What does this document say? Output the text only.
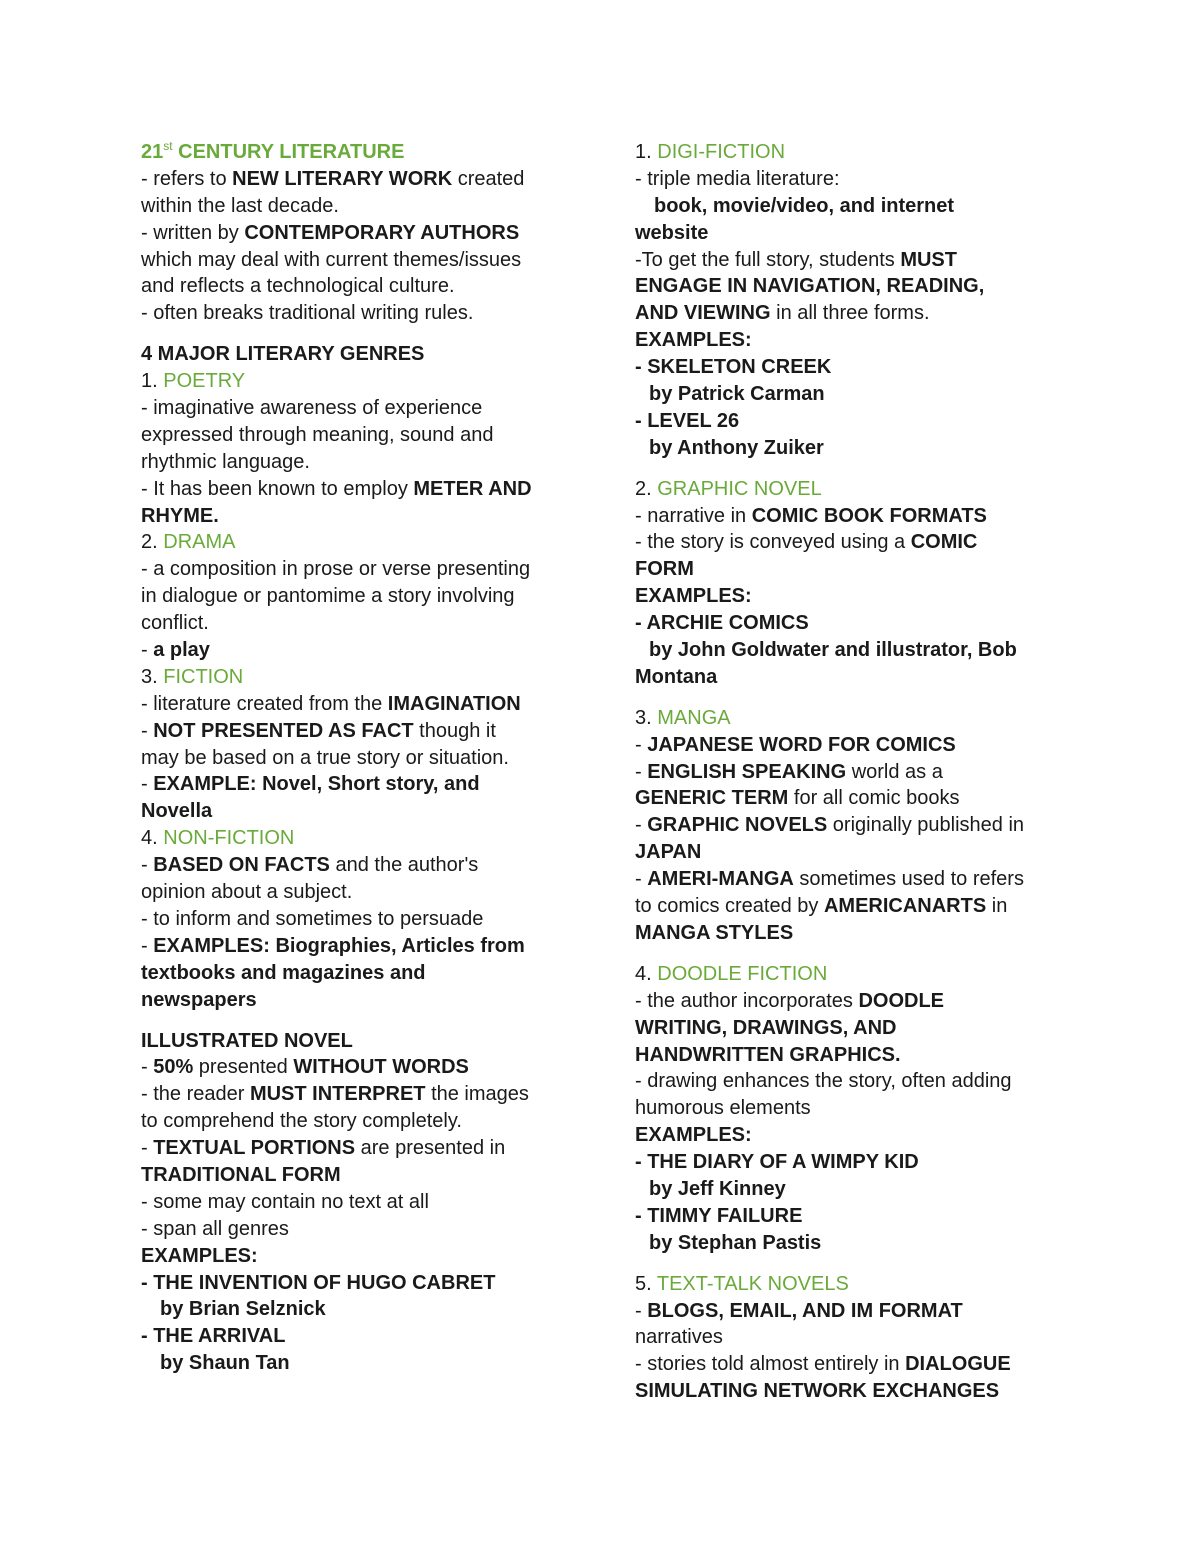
21st CENTURY LITERATURE
- refers to NEW LITERARY WORK created
within the last decade.
- written by CONTEMPORARY AUTHORS
which may deal with current themes/issues
and reflects a technological culture.
- often breaks traditional writing rules.
4 MAJOR LITERARY GENRES
1. POETRY
- imaginative awareness of experience
expressed through meaning, sound and
rhythmic language.
- It has been known to employ METER AND
RHYME.
2. DRAMA
- a composition in prose or verse presenting
in dialogue or pantomime a story involving
conflict.
- a play
3. FICTION
- literature created from the IMAGINATION
- NOT PRESENTED AS FACT though it
may be based on a true story or situation.
- EXAMPLE: Novel, Short story, and
Novella
4. NON-FICTION
- BASED ON FACTS and the author's
opinion about a subject.
- to inform and sometimes to persuade
- EXAMPLES: Biographies, Articles from
textbooks and magazines and
newspapers
ILLUSTRATED NOVEL
- 50% presented WITHOUT WORDS
- the reader MUST INTERPRET the images
to comprehend the story completely.
- TEXTUAL PORTIONS are presented in
TRADITIONAL FORM
- some may contain no text at all
- span all genres
EXAMPLES:
- THE INVENTION OF HUGO CABRET
by Brian Selznick
- THE ARRIVAL
by Shaun Tan
1. DIGI-FICTION
- triple media literature:
book, movie/video, and internet
website
-To get the full story, students MUST
ENGAGE IN NAVIGATION, READING,
AND VIEWING in all three forms.
EXAMPLES:
- SKELETON CREEK
by Patrick Carman
- LEVEL 26
by Anthony Zuiker
2. GRAPHIC NOVEL
- narrative in COMIC BOOK FORMATS
- the story is conveyed using a COMIC
FORM
EXAMPLES:
- ARCHIE COMICS
by John Goldwater and illustrator, Bob
Montana
3. MANGA
- JAPANESE WORD FOR COMICS
- ENGLISH SPEAKING world as a
GENERIC TERM for all comic books
- GRAPHIC NOVELS originally published in
JAPAN
- AMERI-MANGA sometimes used to refers
to comics created by AMERICANARTS in
MANGA STYLES
4. DOODLE FICTION
- the author incorporates DOODLE
WRITING, DRAWINGS, AND
HANDWRITTEN GRAPHICS.
- drawing enhances the story, often adding
humorous elements
EXAMPLES:
- THE DIARY OF A WIMPY KID
by Jeff Kinney
- TIMMY FAILURE
by Stephan Pastis
5. TEXT-TALK NOVELS
- BLOGS, EMAIL, AND IM FORMAT
narratives
- stories told almost entirely in DIALOGUE
SIMULATING NETWORK EXCHANGES
